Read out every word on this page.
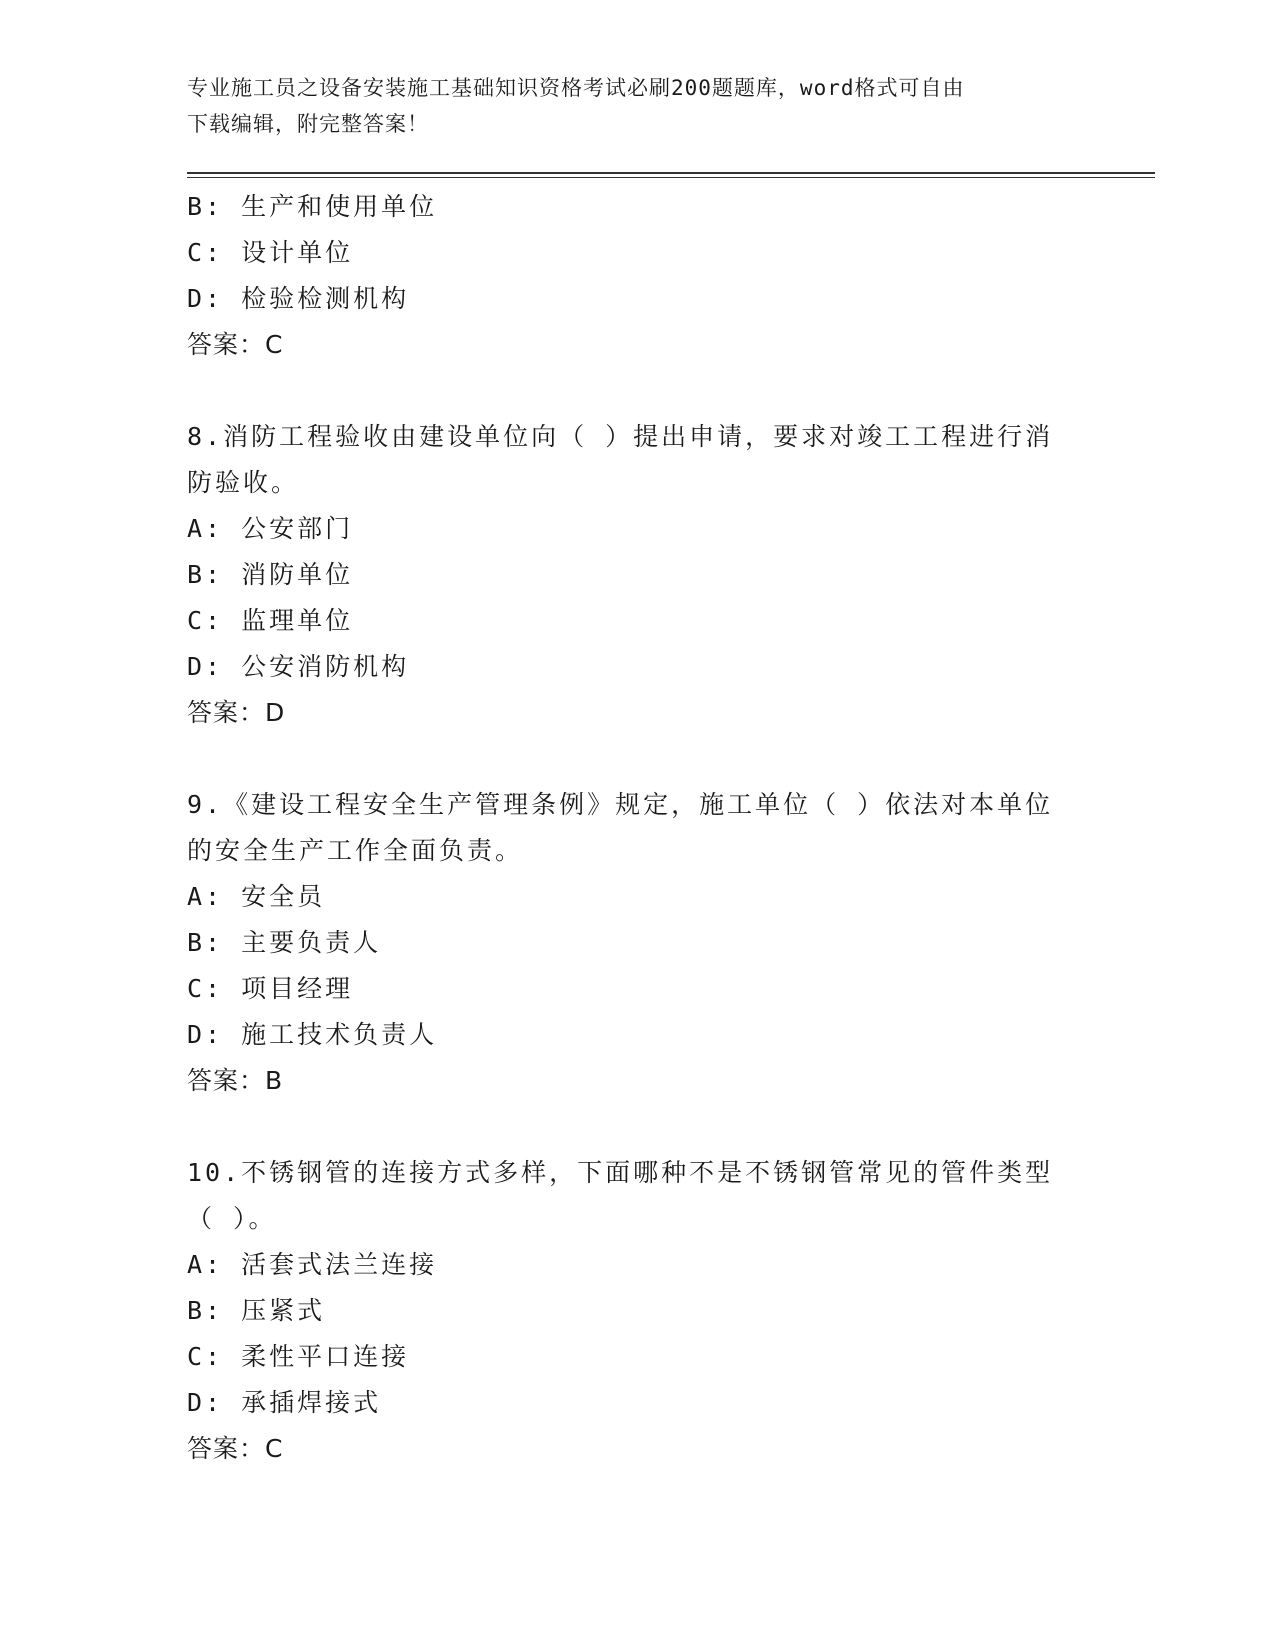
专业施工员之设备安装施工基础知识资格考试必刷200题题库，word格式可自由
下载编辑，附完整答案！
B: 生产和使用单位
C: 设计单位
D: 检验检测机构
答案：C
8.消防工程验收由建设单位向（ ）提出申请，要求对竣工工程进行消
防验收。
A: 公安部门
B: 消防单位
C: 监理单位
D: 公安消防机构
答案：D
9.《建设工程安全生产管理条例》规定，施工单位（ ）依法对本单位
的安全生产工作全面负责。
A: 安全员
B: 主要负责人
C: 项目经理
D: 施工技术负责人
答案：B
10.不锈钢管的连接方式多样，下面哪种不是不锈钢管常见的管件类型
（ ）。
A: 活套式法兰连接
B: 压紧式
C: 柔性平口连接
D: 承插焊接式
答案：C
